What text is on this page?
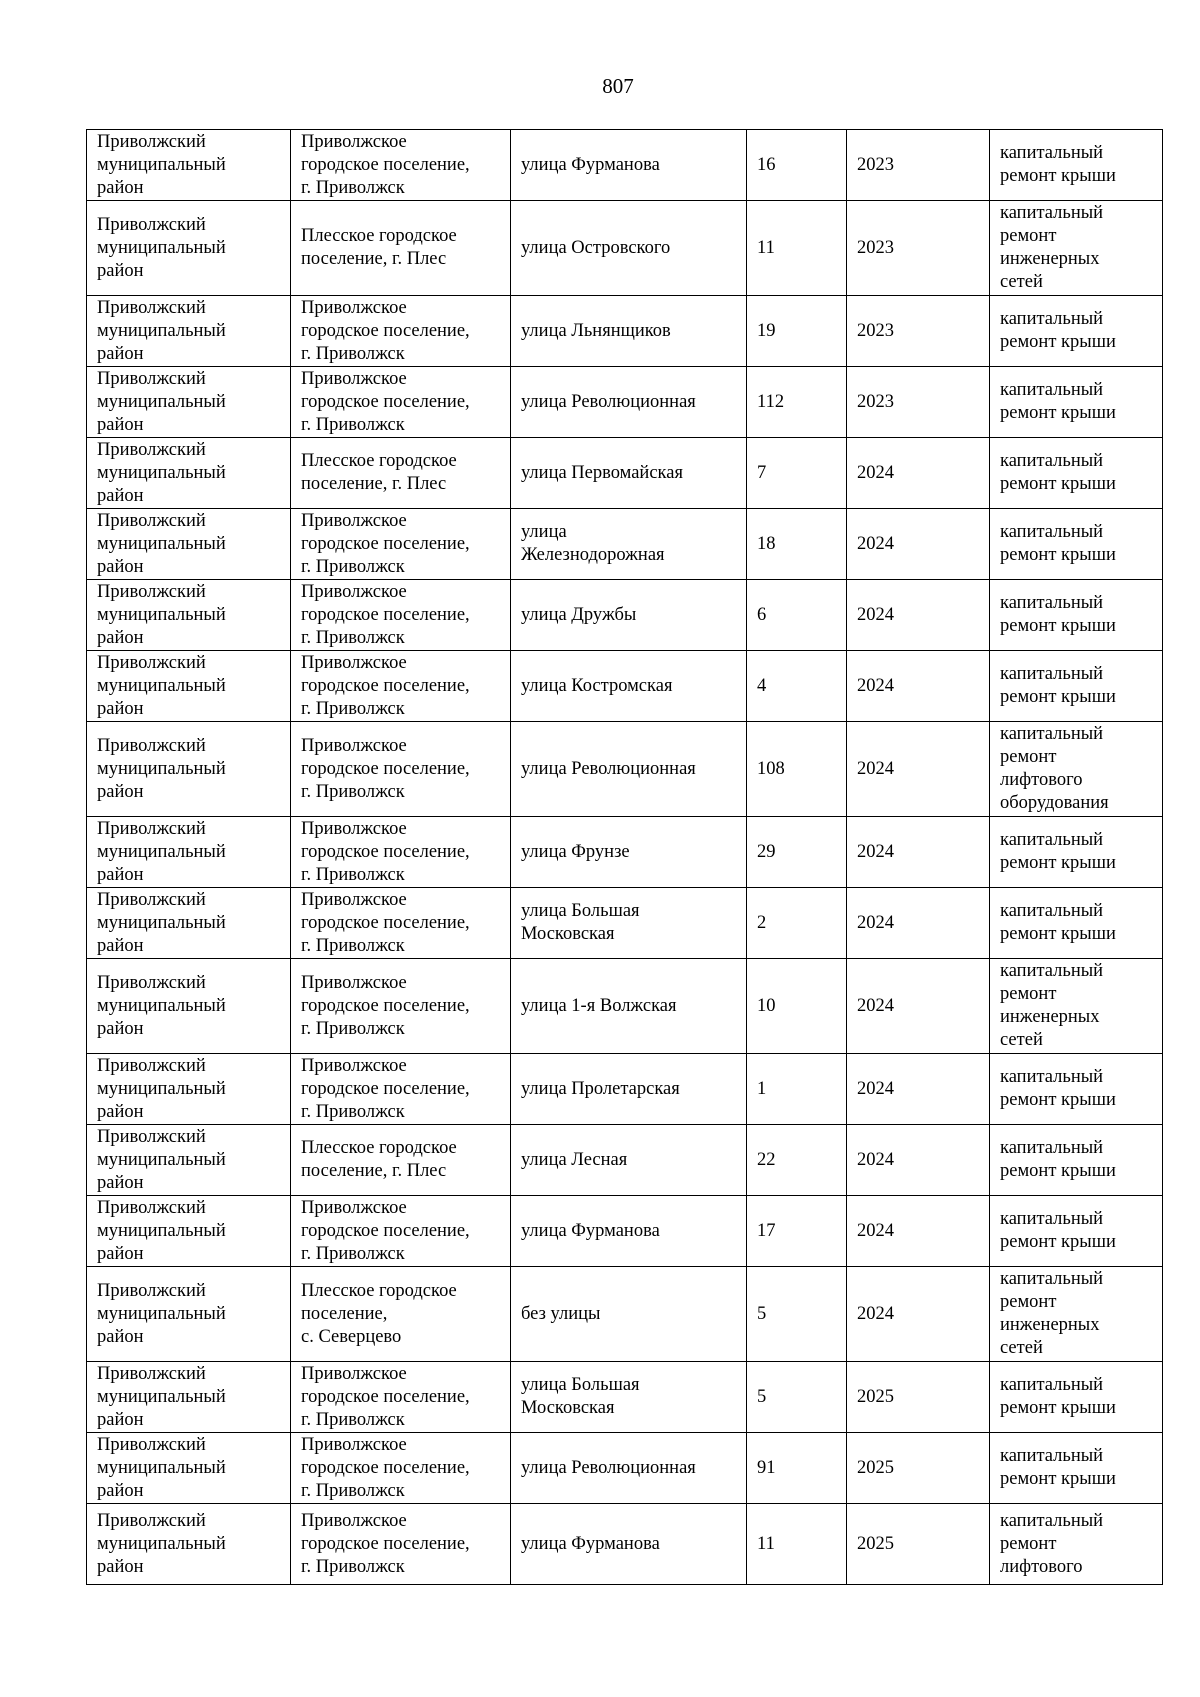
807
Приволжский
муниципальный
район	Приволжское
городское поселение,
г. Приволжск	улица Фурманова	16	2023	капитальный
ремонт крыши
Приволжский
муниципальный
район	Плесское городское
поселение, г. Плес	улица Островского	11	2023	капитальный
ремонт
инженерных
сетей
Приволжский
муниципальный
район	Приволжское
городское поселение,
г. Приволжск	улица Льнянщиков	19	2023	капитальный
ремонт крыши
Приволжский
муниципальный
район	Приволжское
городское поселение,
г. Приволжск	улица Революционная	112	2023	капитальный
ремонт крыши
Приволжский
муниципальный
район	Плесское городское
поселение, г. Плес	улица Первомайская	7	2024	капитальный
ремонт крыши
Приволжский
муниципальный
район	Приволжское
городское поселение,
г. Приволжск	улица
Железнодорожная	18	2024	капитальный
ремонт крыши
Приволжский
муниципальный
район	Приволжское
городское поселение,
г. Приволжск	улица Дружбы	6	2024	капитальный
ремонт крыши
Приволжский
муниципальный
район	Приволжское
городское поселение,
г. Приволжск	улица Костромская	4	2024	капитальный
ремонт крыши
Приволжский
муниципальный
район	Приволжское
городское поселение,
г. Приволжск	улица Революционная	108	2024	капитальный
ремонт
лифтового
оборудования
Приволжский
муниципальный
район	Приволжское
городское поселение,
г. Приволжск	улица Фрунзе	29	2024	капитальный
ремонт крыши
Приволжский
муниципальный
район	Приволжское
городское поселение,
г. Приволжск	улица Большая
Московская	2	2024	капитальный
ремонт крыши
Приволжский
муниципальный
район	Приволжское
городское поселение,
г. Приволжск	улица 1-я Волжская	10	2024	капитальный
ремонт
инженерных
сетей
Приволжский
муниципальный
район	Приволжское
городское поселение,
г. Приволжск	улица Пролетарская	1	2024	капитальный
ремонт крыши
Приволжский
муниципальный
район	Плесское городское
поселение, г. Плес	улица Лесная	22	2024	капитальный
ремонт крыши
Приволжский
муниципальный
район	Приволжское
городское поселение,
г. Приволжск	улица Фурманова	17	2024	капитальный
ремонт крыши
Приволжский
муниципальный
район	Плесское городское
поселение,
с. Северцево	без улицы	5	2024	капитальный
ремонт
инженерных
сетей
Приволжский
муниципальный
район	Приволжское
городское поселение,
г. Приволжск	улица Большая
Московская	5	2025	капитальный
ремонт крыши
Приволжский
муниципальный
район	Приволжское
городское поселение,
г. Приволжск	улица Революционная	91	2025	капитальный
ремонт крыши
Приволжский
муниципальный
район	Приволжское
городское поселение,
г. Приволжск	улица Фурманова	11	2025	капитальный
ремонт
лифтового
